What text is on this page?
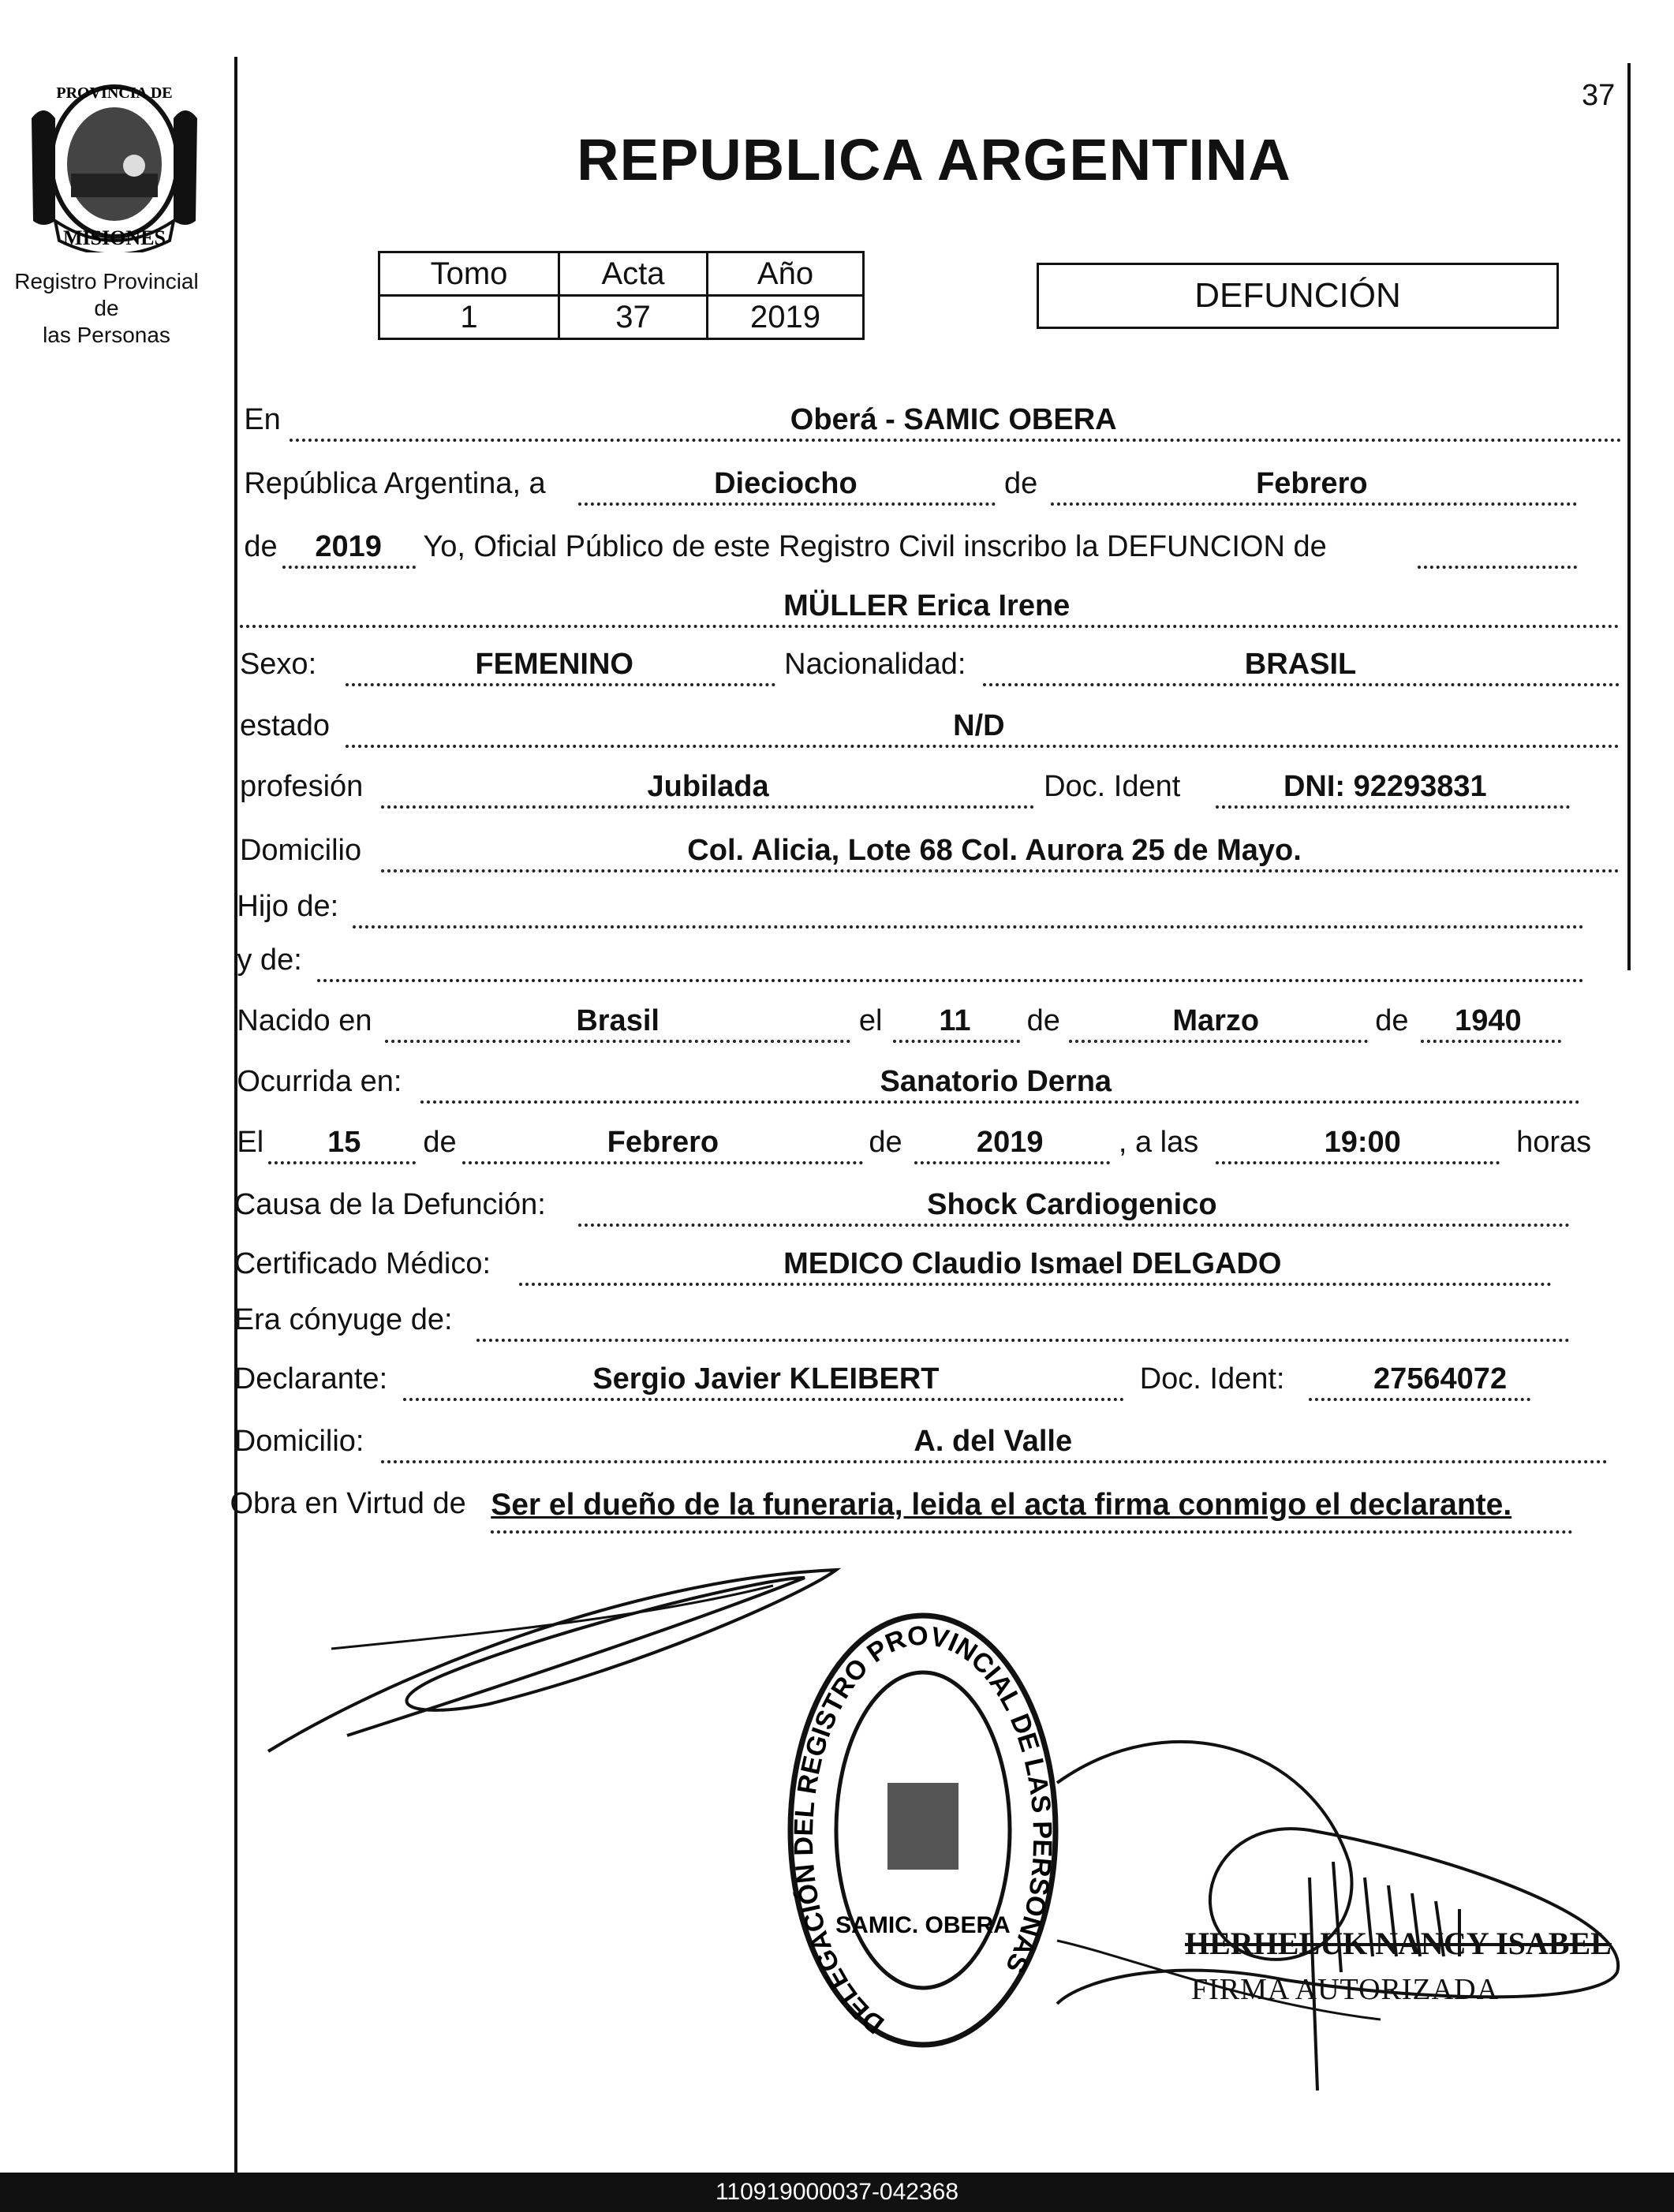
MISIONES
PROVINCIA DE
Registro Provincial de
las Personas
REPUBLICA ARGENTINA
37
Tomo	Acta	Año
1	37	2019
DEFUNCIÓN
En	Oberá - SAMIC OBERA
República Argentina, a	Dieciocho	de	Febrero
de 2019 Yo, Oficial Público de este Registro Civil inscribo la DEFUNCION de
MÜLLER Erica Irene
Sexo:	FEMENINO	Nacionalidad:	BRASIL
estado	N/D
profesión	Jubilada	Doc. Ident	DNI: 92293831
Domicilio	Col. Alicia, Lote 68 Col. Aurora 25 de Mayo.
Hijo de:
y de:
Nacido en	Brasil	el 11 de	Marzo	de 1940
Ocurrida en:	Sanatorio Derna
El 15 de	Febrero	de 2019	, a las	19:00	horas
Causa de la Defunción:	Shock Cardiogenico
Certificado Médico:	MEDICO Claudio Ismael DELGADO
Era cónyuge de:
Declarante:	Sergio Javier KLEIBERT	Doc. Ident:	27564072
Domicilio:	A. del Valle
Obra en Virtud de Ser el dueño de la funeraria, leida el acta firma conmigo el declarante.
DELEGACIÓN DEL REGISTRO PROVINCIAL DE LAS PERSONAS
SAMIC. OBERA
HERHELUK NANCY ISABEL
FIRMA AUTORIZADA
110919000037-042368
